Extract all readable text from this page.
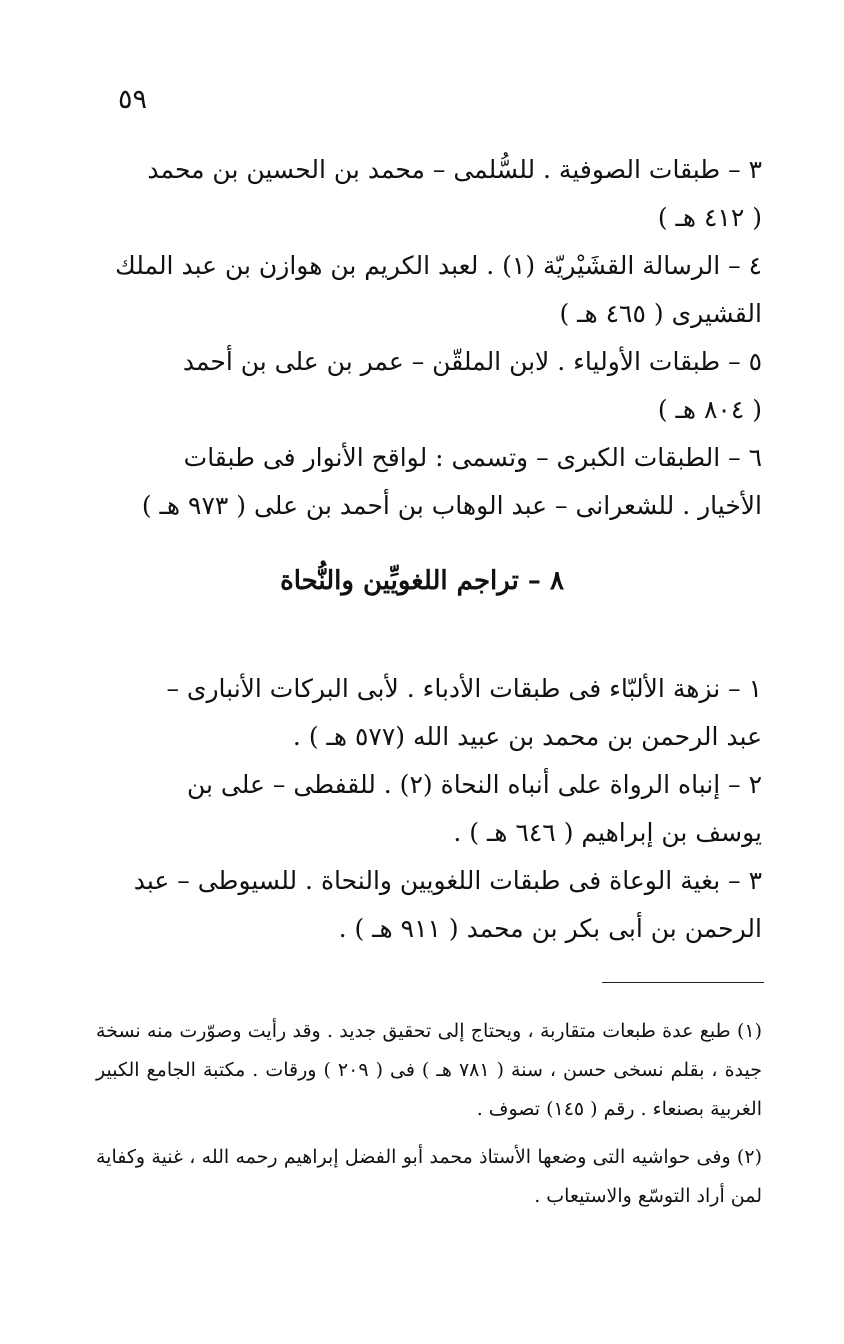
٥٩

٣ – طبقات الصوفية . للسُّلمى – محمد بن الحسين بن محمد

( ٤١٢ هـ )

٤ – الرسالة القشَيْريّة (١) . لعبد الكريم بن هوازن بن عبد الملك

القشيرى ( ٤٦٥ هـ )

٥ – طبقات الأولياء . لابن الملقّن – عمر بن على بن أحمد

( ٨٠٤ هـ )

٦ – الطبقات الكبرى – وتسمى : لواقح الأنوار فى طبقات

الأخيار . للشعرانى – عبد الوهاب بن أحمد بن على ( ٩٧٣ هـ )

٨ – تراجم اللغويِّين والنُّحاة

١ – نزهة الألبّاء فى طبقات الأدباء . لأبى البركات الأنبارى –

عبد الرحمن بن محمد بن عبيد الله (٥٧٧ هـ ) .

٢ – إنباه الرواة على أنباه النحاة (٢) . للقفطى – على بن

يوسف بن إبراهيم ( ٦٤٦ هـ ) .

٣ – بغية الوعاة فى طبقات اللغويين والنحاة . للسيوطى – عبد

الرحمن بن أبى بكر بن محمد ( ٩١١ هـ ) .

(١) طبع عدة طبعات متقاربة ، ويحتاج إلى تحقيق جديد . وقد رأيت وصوّرت منه نسخة جيدة ، بقلم نسخى حسن ، سنة ( ٧٨١ هـ ) فى ( ٢٠٩ ) ورقات . مكتبة الجامع الكبير الغربية بصنعاء . رقم ( ١٤٥) تصوف .

(٢) وفى حواشيه التى وضعها الأستاذ محمد أبو الفضل إبراهيم رحمه الله ، غنية وكفاية لمن أراد التوسّع والاستيعاب .
